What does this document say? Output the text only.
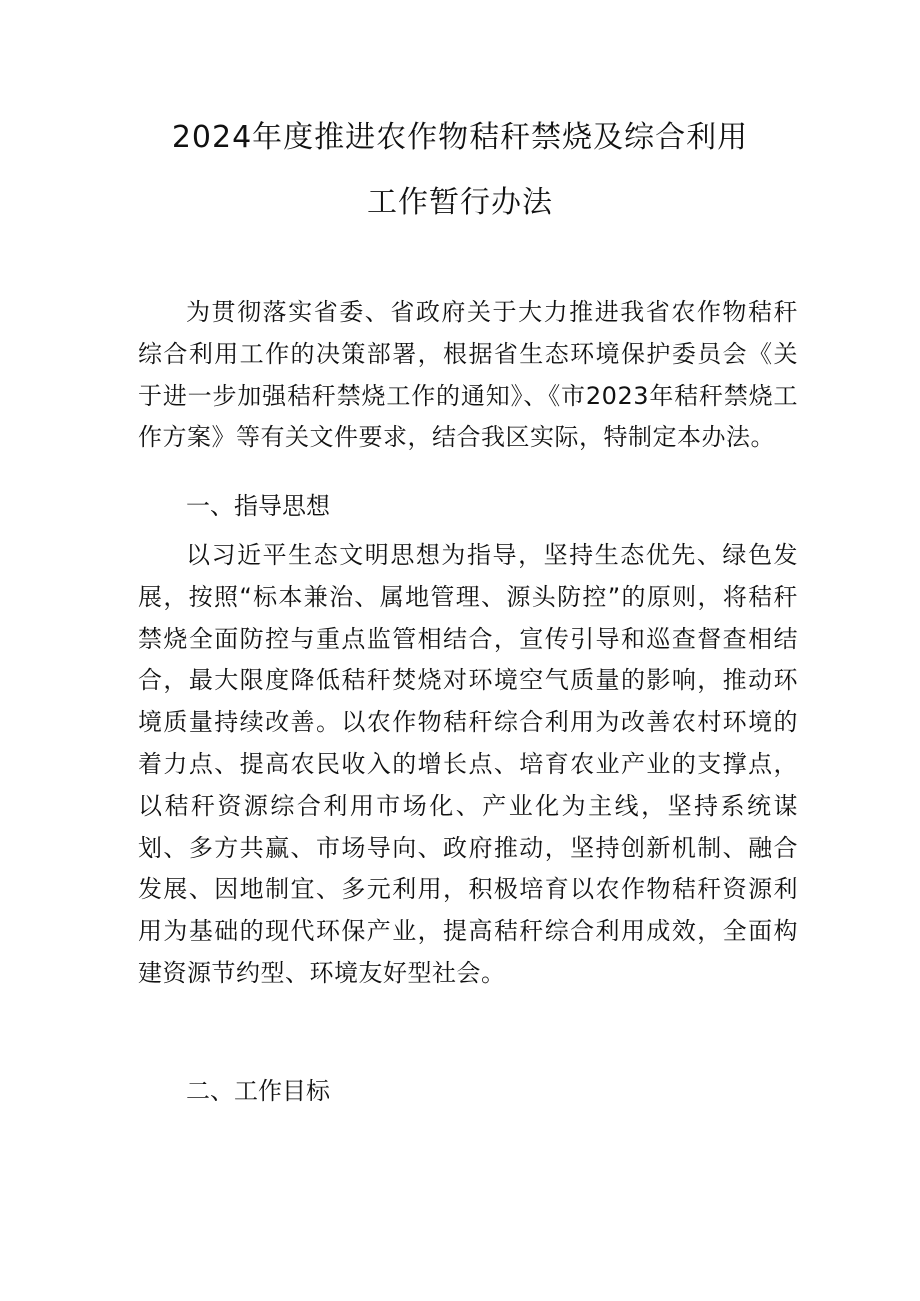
2024年度推进农作物秸秆禁烧及综合利用
工作暂行办法

为贯彻落实省委、省政府关于大力推进我省农作物秸秆综合利用工作的决策部署，根据省生态环境保护委员会《关于进一步加强秸秆禁烧工作的通知》、《市2023年秸秆禁烧工作方案》等有关文件要求，结合我区实际，特制定本办法。

一、指导思想

以习近平生态文明思想为指导，坚持生态优先、绿色发展，按照“标本兼治、属地管理、源头防控”的原则，将秸秆禁烧全面防控与重点监管相结合，宣传引导和巡查督查相结合，最大限度降低秸秆焚烧对环境空气质量的影响，推动环境质量持续改善。以农作物秸秆综合利用为改善农村环境的着力点、提高农民收入的增长点、培育农业产业的支撑点，以秸秆资源综合利用市场化、产业化为主线，坚持系统谋划、多方共赢、市场导向、政府推动，坚持创新机制、融合发展、因地制宜、多元利用，积极培育以农作物秸秆资源利用为基础的现代环保产业，提高秸秆综合利用成效，全面构建资源节约型、环境友好型社会。

二、工作目标
